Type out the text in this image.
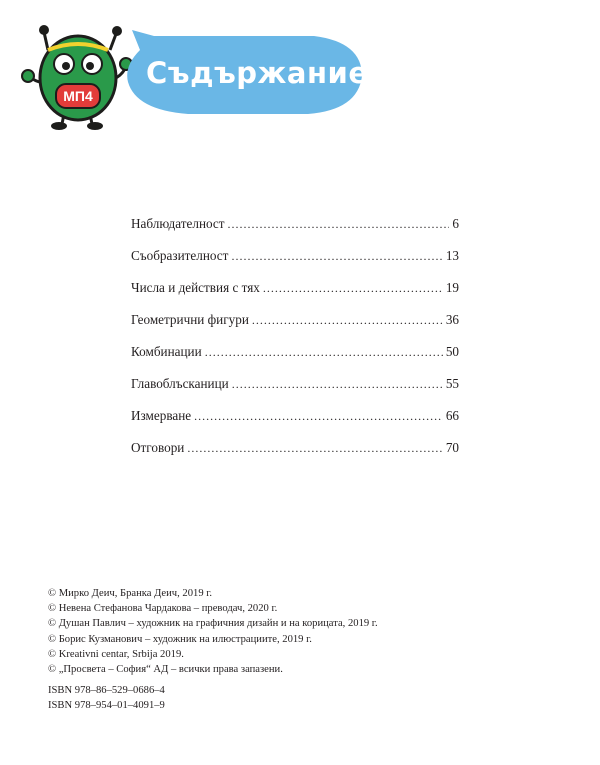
МП4
Съдържание
Наблюдателност .....	6
Съобразителност .....	13
Числа и действия с тях .....	19
Геометрични фигури .....	36
Комбинации .....	50
Главоблъсканици .....	55
Измерване .....	66
Отговори .....	70
© Мирко Деич, Бранка Деич, 2019 г.
© Невена Стефанова Чардакова – преводач, 2020 г.
© Душан Павлич – художник на графичния дизайн и на корицата, 2019 г.
© Борис Кузманович – художник на илюстрациите, 2019 г.
© Kreativni centar, Srbija 2019.
© „Просвета – София“ АД – всички права запазени.
ISBN 978–86–529–0686–4
ISBN 978–954–01–4091–9
